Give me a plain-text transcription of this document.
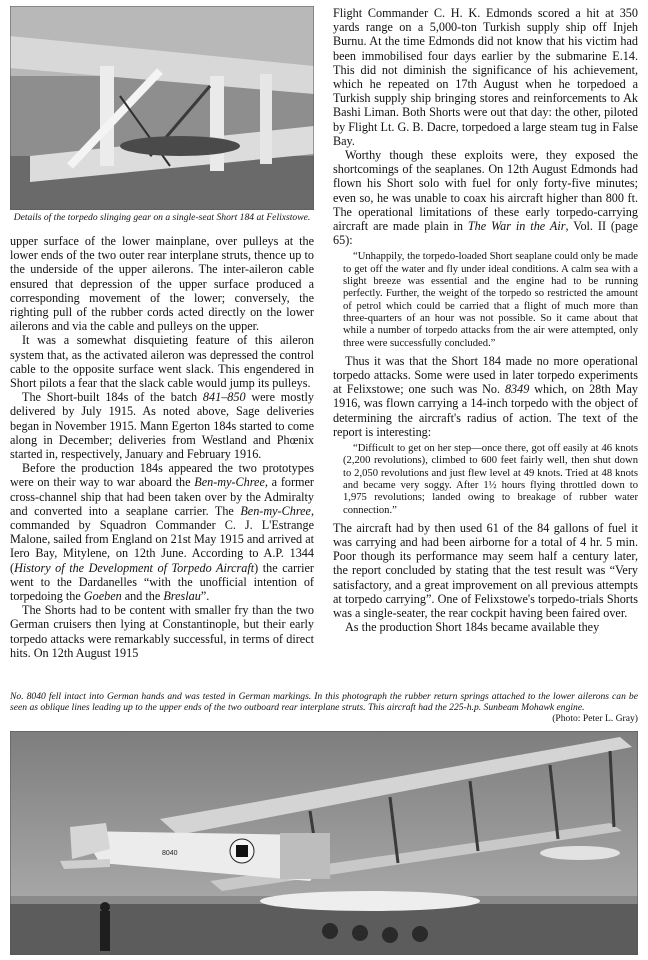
Details of the torpedo slinging gear on a single-seat Short 184 at Felixstowe.

upper surface of the lower mainplane, over pulleys at the lower ends of the two outer rear interplane struts, thence up to the underside of the upper ailerons. The inter-aileron cable ensured that depression of the upper surface produced a corresponding movement of the lower; conversely, the righting pull of the rubber cords acted directly on the lower ailerons and via the cable and pulleys on the upper.

It was a somewhat disquieting feature of this aileron system that, as the activated aileron was depressed the control cable to the opposite surface went slack. This engendered in Short pilots a fear that the slack cable would jump its pulleys.

The Short-built 184s of the batch 841–850 were mostly delivered by July 1915. As noted above, Sage deliveries began in November 1915. Mann Egerton 184s started to come along in December; deliveries from Westland and Phœnix started in, respectively, January and February 1916.

Before the production 184s appeared the two prototypes were on their way to war aboard the Ben-my-Chree, a former cross-channel ship that had been taken over by the Admiralty and converted into a seaplane carrier. The Ben-my-Chree, commanded by Squadron Commander C. J. L'Estrange Malone, sailed from England on 21st May 1915 and arrived at Iero Bay, Mitylene, on 12th June. According to A.P. 1344 (History of the Development of Torpedo Aircraft) the carrier went to the Dardanelles “with the unofficial intention of torpedoing the Goeben and the Breslau”.

The Shorts had to be content with smaller fry than the two German cruisers then lying at Constantinople, but their early torpedo attacks were remarkably successful, in terms of direct hits. On 12th August 1915

Flight Commander C. H. K. Edmonds scored a hit at 350 yards range on a 5,000-ton Turkish supply ship off Injeh Burnu. At the time Edmonds did not know that his victim had been immobilised four days earlier by the submarine E.14. This did not diminish the significance of his achievement, which he repeated on 17th August when he torpedoed a Turkish supply ship bringing stores and reinforcements to Ak Bashi Liman. Both Shorts were out that day: the other, piloted by Flight Lt. G. B. Dacre, torpedoed a large steam tug in False Bay.

Worthy though these exploits were, they exposed the shortcomings of the seaplanes. On 12th August Edmonds had flown his Short solo with fuel for only forty-five minutes; even so, he was unable to coax his aircraft higher than 800 ft. The operational limitations of these early torpedo-carrying aircraft are made plain in The War in the Air, Vol. II (page 65):

“Unhappily, the torpedo-loaded Short seaplane could only be made to get off the water and fly under ideal conditions. A calm sea with a slight breeze was essential and the engine had to be running perfectly. Further, the weight of the torpedo so restricted the amount of petrol which could be carried that a flight of much more than three-quarters of an hour was not possible. So it came about that while a number of torpedo attacks from the air were attempted, only three were successfully concluded.”

Thus it was that the Short 184 made no more operational torpedo attacks. Some were used in later torpedo experiments at Felixstowe; one such was No. 8349 which, on 28th May 1916, was flown carrying a 14-inch torpedo with the object of determining the aircraft's radius of action. The text of the report is interesting:

“Difficult to get on her step—once there, got off easily at 46 knots (2,200 revolutions), climbed to 600 feet fairly well, then shut down to 2,050 revolutions and just flew level at 49 knots. Tried at 48 knots and became very soggy. After 1½ hours flying throttled down to 1,975 revolutions; landed owing to breakage of rubber water connection.”

The aircraft had by then used 61 of the 84 gallons of fuel it was carrying and had been airborne for a total of 4 hr. 5 min. Poor though its performance may seem half a century later, the report concluded by stating that the test result was “Very satisfactory, and a great improvement on all previous attempts at torpedo carrying”. One of Felixstowe's torpedo-trials Shorts was a single-seater, the rear cockpit having been faired over.

As the production Short 184s became available they

No. 8040 fell intact into German hands and was tested in German markings. In this photograph the rubber return springs attached to the lower ailerons can be seen as oblique lines leading up to the upper ends of the two outboard rear interplane struts. This aircraft had the 225-h.p. Sunbeam Mohawk engine.
(Photo: Peter L. Gray)
8040
